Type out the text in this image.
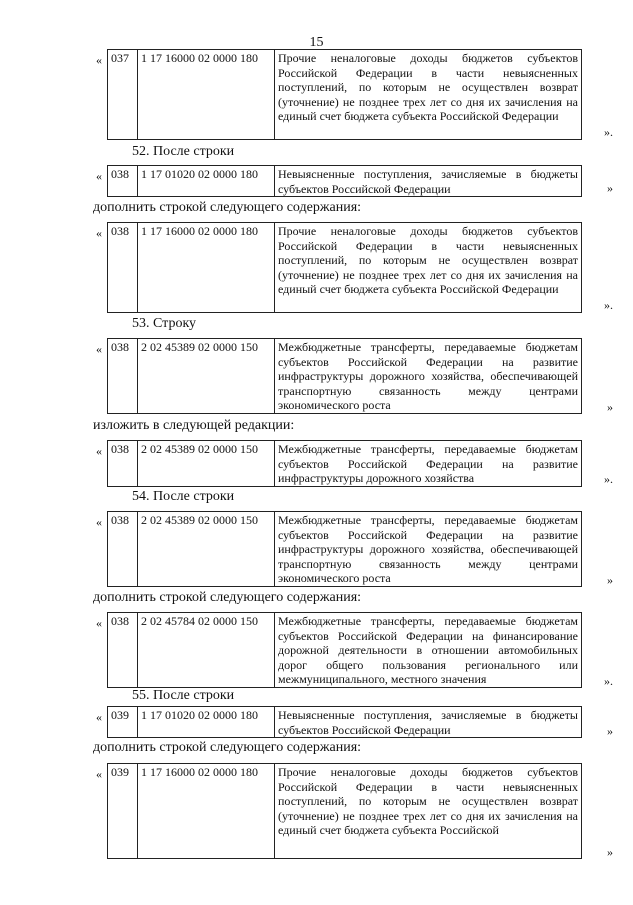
15
« 037	1 17 16000 02 0000 180	Прочие неналоговые доходы бюджетов субъектов Российской Федерации в части невыясненных поступлений, по которым не осуществлен возврат (уточнение) не позднее трех лет со дня их зачисления на единый счет бюджета субъекта Российской Федерации
».
52. После строки
« 038	1 17 01020 02 0000 180	Невыясненные поступления, зачисляемые в бюджеты субъектов Российской Федерации	»
дополнить строкой следующего содержания:
« 038	1 17 16000 02 0000 180	Прочие неналоговые доходы бюджетов субъектов Российской Федерации в части невыясненных поступлений, по которым не осуществлен возврат (уточнение) не позднее трех лет со дня их зачисления на единый счет бюджета субъекта Российской Федерации
».
53. Строку
« 038	2 02 45389 02 0000 150	Межбюджетные трансферты, передаваемые бюджетам субъектов Российской Федерации на развитие инфраструктуры дорожного хозяйства, обеспечивающей транспортную связанность между центрами экономического роста	»
изложить в следующей редакции:
« 038	2 02 45389 02 0000 150	Межбюджетные трансферты, передаваемые бюджетам субъектов Российской Федерации на развитие инфраструктуры дорожного хозяйства	».
54. После строки
« 038	2 02 45389 02 0000 150	Межбюджетные трансферты, передаваемые бюджетам субъектов Российской Федерации на развитие инфраструктуры дорожного хозяйства, обеспечивающей транспортную связанность между центрами экономического роста	»
дополнить строкой следующего содержания:
« 038	2 02 45784 02 0000 150	Межбюджетные трансферты, передаваемые бюджетам субъектов Российской Федерации на финансирование дорожной деятельности в отношении автомобильных дорог общего пользования регионального или межмуниципального, местного значения	».
55. После строки
« 039	1 17 01020 02 0000 180	Невыясненные поступления, зачисляемые в бюджеты субъектов Российской Федерации	»
дополнить строкой следующего содержания:
« 039	1 17 16000 02 0000 180	Прочие неналоговые доходы бюджетов субъектов Российской Федерации в части невыясненных поступлений, по которым не осуществлен возврат (уточнение) не позднее трех лет со дня их зачисления на единый счет бюджета субъекта Российской
»
